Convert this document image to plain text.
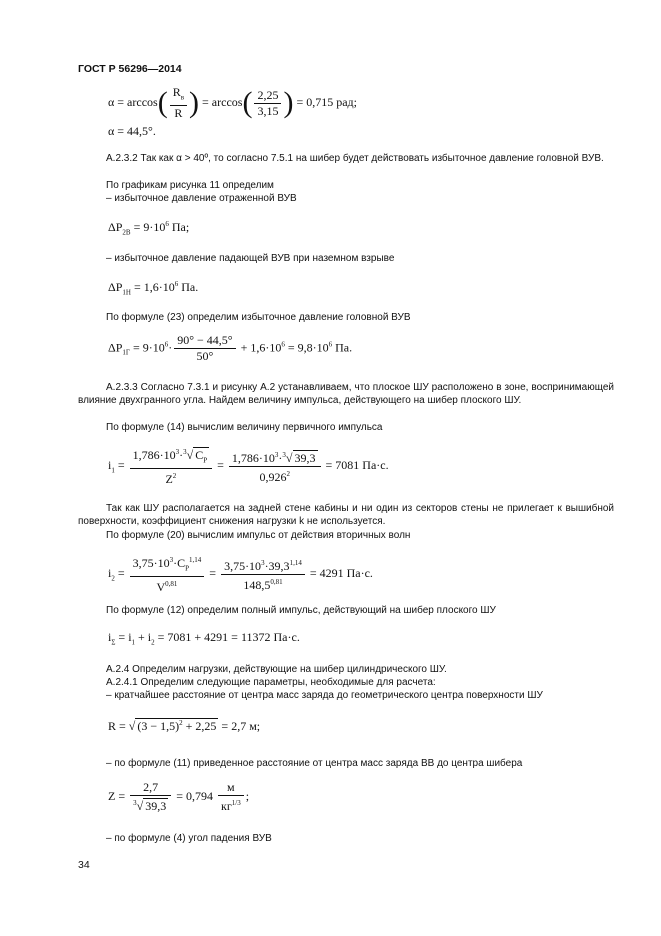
ГОСТ Р 56296—2014
$\alpha = \arccos( \frac{R_в}{R}$ ) = $\arccos( \frac{2,25}{3,15}$ ) = 0,715 рад;
α = 44,5°.
А.2.3.2 Так как α > 40º, то согласно 7.5.1 на шибер будет действовать избыточное давление головной ВУВ.
По графикам рисунка 11 определим
– избыточное давление отраженной ВУВ
$\Delta P_{2В} = 9\cdot 10^6$ Па;
– избыточное давление падающей ВУВ при наземном взрыве
$\Delta P_{1Н} = 1,6\cdot 10^6$ Па.
По формуле (23) определим избыточное давление головной ВУВ
$\Delta P_{1Г} = 9\cdot 10^6\cdot \frac{90^\circ - 44,5^\circ}{50^\circ} + 1,6\cdot 10^6 = 9,8\cdot 10^6$ Па.
А.2.3.3 Согласно 7.3.1 и рисунку А.2 устанавливаем, что плоское ШУ расположено в зоне, воспринимающей влияние двухгранного угла. Найдем величину импульса, действующего на шибер плоского ШУ.
По формуле (14) вычислим величину первичного импульса
$i_1 = \frac{1,786\cdot 10^3\cdot^3√ C_P}{Z^2} = \frac{1,786\cdot 10^3\cdot^3√ 39,3}{0,926^2} = 7081$ Па·с.
Так как ШУ располагается на задней стене кабины и ни один из секторов стены не прилегает к вышибной поверхности, коэффициент снижения нагрузки k не используется.
По формуле (20) вычислим импульс от действия вторичных волн
$i_2 = \frac{3,75\cdot 10^3\cdot C_P^{1,14}}{V^{0,81}} = \frac{3,75\cdot 10^3\cdot 39,3^{1,14}}{148,5^{0,81}} = 4291$ Па·с.
По формуле (12) определим полный импульс, действующий на шибер плоского ШУ
$i_\Sigma = i_1 + i_2 = 7081 + 4291 = 11372$ Па·с.
А.2.4 Определим нагрузки, действующие на шибер цилиндрического ШУ.
А.2.4.1 Определим следующие параметры, необходимые для расчета:
– кратчайшее расстояние от центра масс заряда до геометрического центра поверхности ШУ
R = √ $(3 - 1,5)^2 + 2,25 = 2,7$ м;
– по формуле (11) приведенное расстояние от центра масс заряда ВВ до центра шибера
$Z = \frac{2,7}{^3√ 39,3} = 0,794 \frac{м}{кг^{1/3}}$ ;
– по формуле (4) угол падения ВУВ
34
